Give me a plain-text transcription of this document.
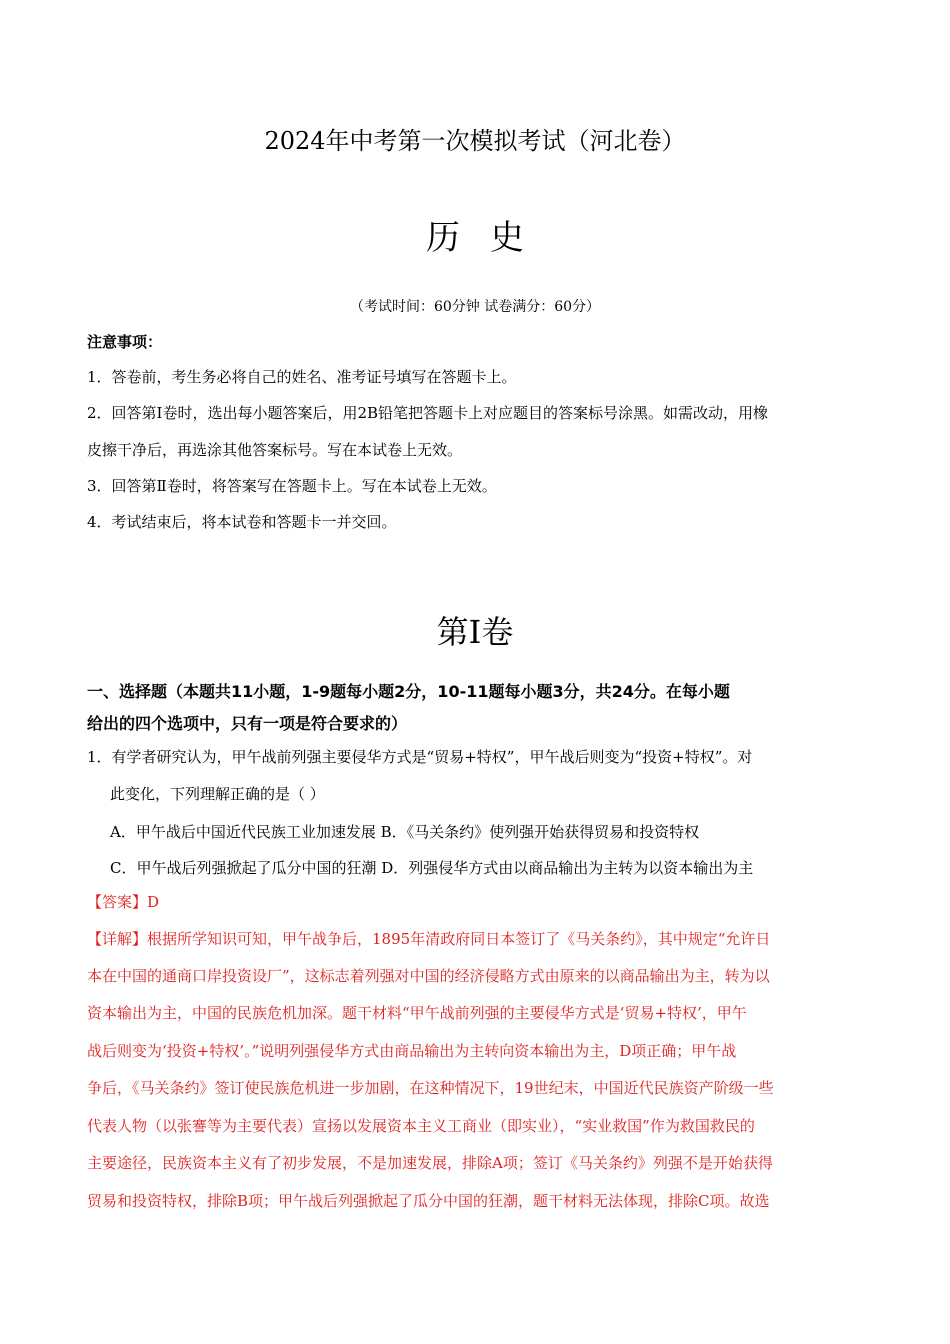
2024年中考第一次模拟考试（河北卷）
历史
（考试时间：60分钟 试卷满分：60分）
注意事项：
1．答卷前，考生务必将自己的姓名、准考证号填写在答题卡上。
2．回答第Ⅰ卷时，选出每小题答案后，用2B铅笔把答题卡上对应题目的答案标号涂黑。如需改动，用橡
皮擦干净后，再选涂其他答案标号。写在本试卷上无效。
3．回答第Ⅱ卷时，将答案写在答题卡上。写在本试卷上无效。
4．考试结束后，将本试卷和答题卡一并交回。
第Ⅰ卷
一、选择题（本题共11小题，1-9题每小题2分，10-11题每小题3分，共24分。在每小题
给出的四个选项中，只有一项是符合要求的）
1．有学者研究认为，甲午战前列强主要侵华方式是“贸易+特权”，甲午战后则变为“投资+特权”。对
此变化，下列理解正确的是（ ）
A．甲午战后中国近代民族工业加速发展 B．《马关条约》使列强开始获得贸易和投资特权
C．甲午战后列强掀起了瓜分中国的狂潮 D．列强侵华方式由以商品输出为主转为以资本输出为主
【答案】D
【详解】根据所学知识可知，甲午战争后，1895年清政府同日本签订了《马关条约》，其中规定“允许日
本在中国的通商口岸投资设厂”，这标志着列强对中国的经济侵略方式由原来的以商品输出为主，转为以
资本输出为主，中国的民族危机加深。题干材料“甲午战前列强的主要侵华方式是‘贸易+特权’，甲午
战后则变为‘投资+特权’。”说明列强侵华方式由商品输出为主转向资本输出为主，D项正确；甲午战
争后，《马关条约》签订使民族危机进一步加剧，在这种情况下，19世纪末，中国近代民族资产阶级一些
代表人物（以张謇等为主要代表）宣扬以发展资本主义工商业（即实业），“实业救国”作为救国救民的
主要途径，民族资本主义有了初步发展，不是加速发展，排除A项；签订《马关条约》列强不是开始获得
贸易和投资特权，排除B项；甲午战后列强掀起了瓜分中国的狂潮，题干材料无法体现，排除C项。故选
